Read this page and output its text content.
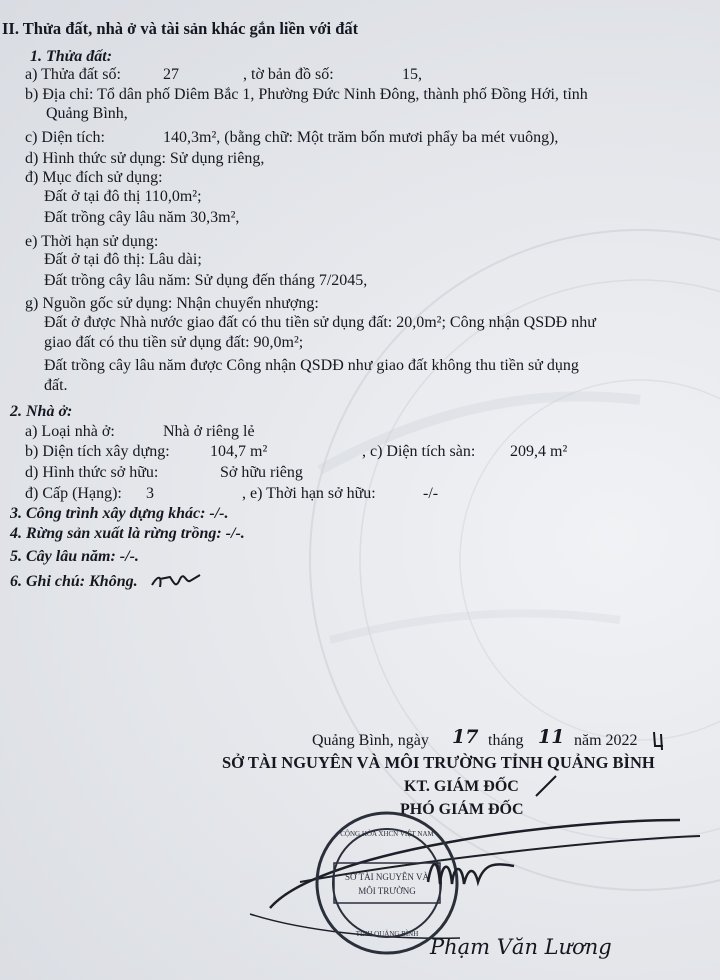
II. Thửa đất, nhà ở và tài sản khác gắn liền với đất
1. Thửa đất:
a) Thửa đất số:	27	, tờ bản đồ số:	15,
b) Địa chỉ: Tổ dân phố Diêm Bắc 1, Phường Đức Ninh Đông, thành phố Đồng Hới, tỉnh
Quảng Bình,
c) Diện tích:	140,3m², (bằng chữ: Một trăm bốn mươi phẩy ba mét vuông),
d) Hình thức sử dụng: Sử dụng riêng,
đ) Mục đích sử dụng:
Đất ở tại đô thị 110,0m²;
Đất trồng cây lâu năm 30,3m²,
e) Thời hạn sử dụng:
Đất ở tại đô thị: Lâu dài;
Đất trồng cây lâu năm: Sử dụng đến tháng 7/2045,
g) Nguồn gốc sử dụng: Nhận chuyển nhượng:
Đất ở được Nhà nước giao đất có thu tiền sử dụng đất: 20,0m²; Công nhận QSDĐ như
giao đất có thu tiền sử dụng đất: 90,0m²;
Đất trồng cây lâu năm được Công nhận QSDĐ như giao đất không thu tiền sử dụng
đất.
2. Nhà ở:
a) Loại nhà ở:	Nhà ở riêng lẻ
b) Diện tích xây dựng:	104,7 m²	, c) Diện tích sàn: 209,4 m²
d) Hình thức sở hữu:	Sở hữu riêng
đ) Cấp (Hạng): 3	, e) Thời hạn sở hữu:	-/-
3. Công trình xây dựng khác: -/-.
4. Rừng sản xuất là rừng trồng: -/-.
5. Cây lâu năm: -/-.
6. Ghi chú: Không.
Quảng Bình, ngày 17 tháng 11 năm 2022
SỞ TÀI NGUYÊN VÀ MÔI TRƯỜNG TỈNH QUẢNG BÌNH
KT. GIÁM ĐỐC
PHÓ GIÁM ĐỐC
SỞ TÀI NGUYÊN VÀ
MÔI TRƯỜNG
CỘNG HÒA XHCN VIỆT NAM
TỈNH QUẢNG BÌNH
Phạm Văn Lương
